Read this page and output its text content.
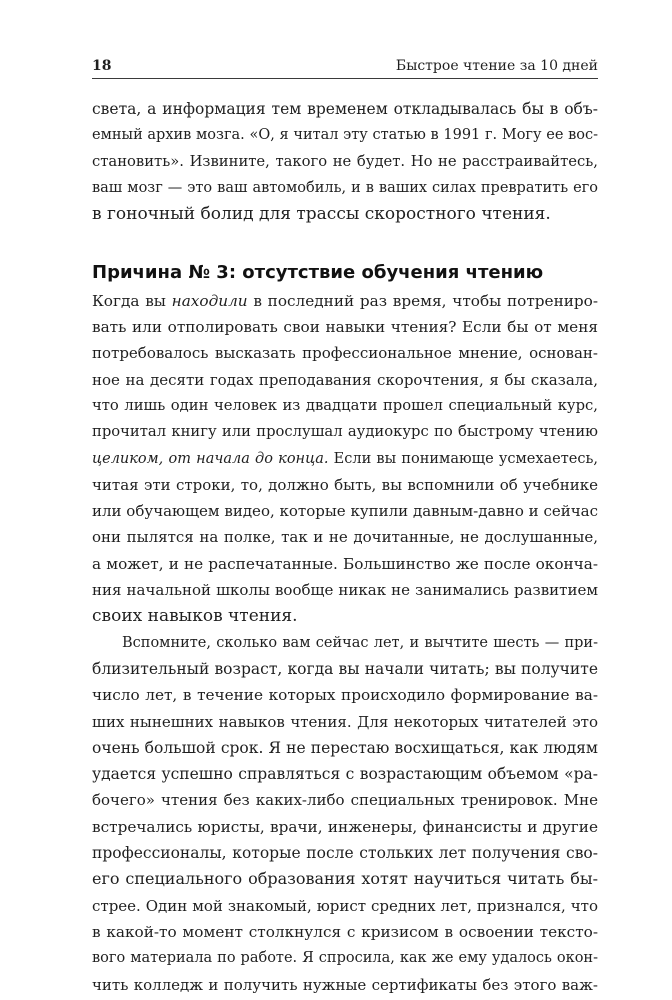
18	Быстрое чтение за 10 дней
света, а информация тем временем откладывалась бы в объ-
емный архив мозга. «О, я читал эту статью в 1991 г. Могу ее вос-
становить». Извините, такого не будет. Но не расстраивайтесь,
ваш мозг — это ваш автомобиль, и в ваших силах превратить его
в гоночный болид для трассы скоростного чтения.
Причина № 3: отсутствие обучения чтению
Когда вы находили в последний раз время, чтобы потрениро-
вать или отполировать свои навыки чтения? Если бы от меня
потребовалось высказать профессиональное мнение, основан-
ное на десяти годах преподавания скорочтения, я бы сказала,
что лишь один человек из двадцати прошел специальный курс,
прочитал книгу или прослушал аудиокурс по быстрому чтению
целиком, от начала до конца. Если вы понимающе усмехаетесь,
читая эти строки, то, должно быть, вы вспомнили об учебнике
или обучающем видео, которые купили давным-давно и сейчас
они пылятся на полке, так и не дочитанные, не дослушанные,
а может, и не распечатанные. Большинство же после оконча-
ния начальной школы вообще никак не занимались развитием
своих навыков чтения.
Вспомните, сколько вам сейчас лет, и вычтите шесть — при-
близительный возраст, когда вы начали читать; вы получите
число лет, в течение которых происходило формирование ва-
ших нынешних навыков чтения. Для некоторых читателей это
очень большой срок. Я не перестаю восхищаться, как людям
удается успешно справляться с возрастающим объемом «ра-
бочего» чтения без каких-либо специальных тренировок. Мне
встречались юристы, врачи, инженеры, финансисты и другие
профессионалы, которые после стольких лет получения сво-
его специального образования хотят научиться читать бы-
стрее. Один мой знакомый, юрист средних лет, признался, что
в какой-то момент столкнулся с кризисом в освоении тексто-
вого материала по работе. Я спросила, как же ему удалось окон-
чить колледж и получить нужные сертификаты без этого важ-
